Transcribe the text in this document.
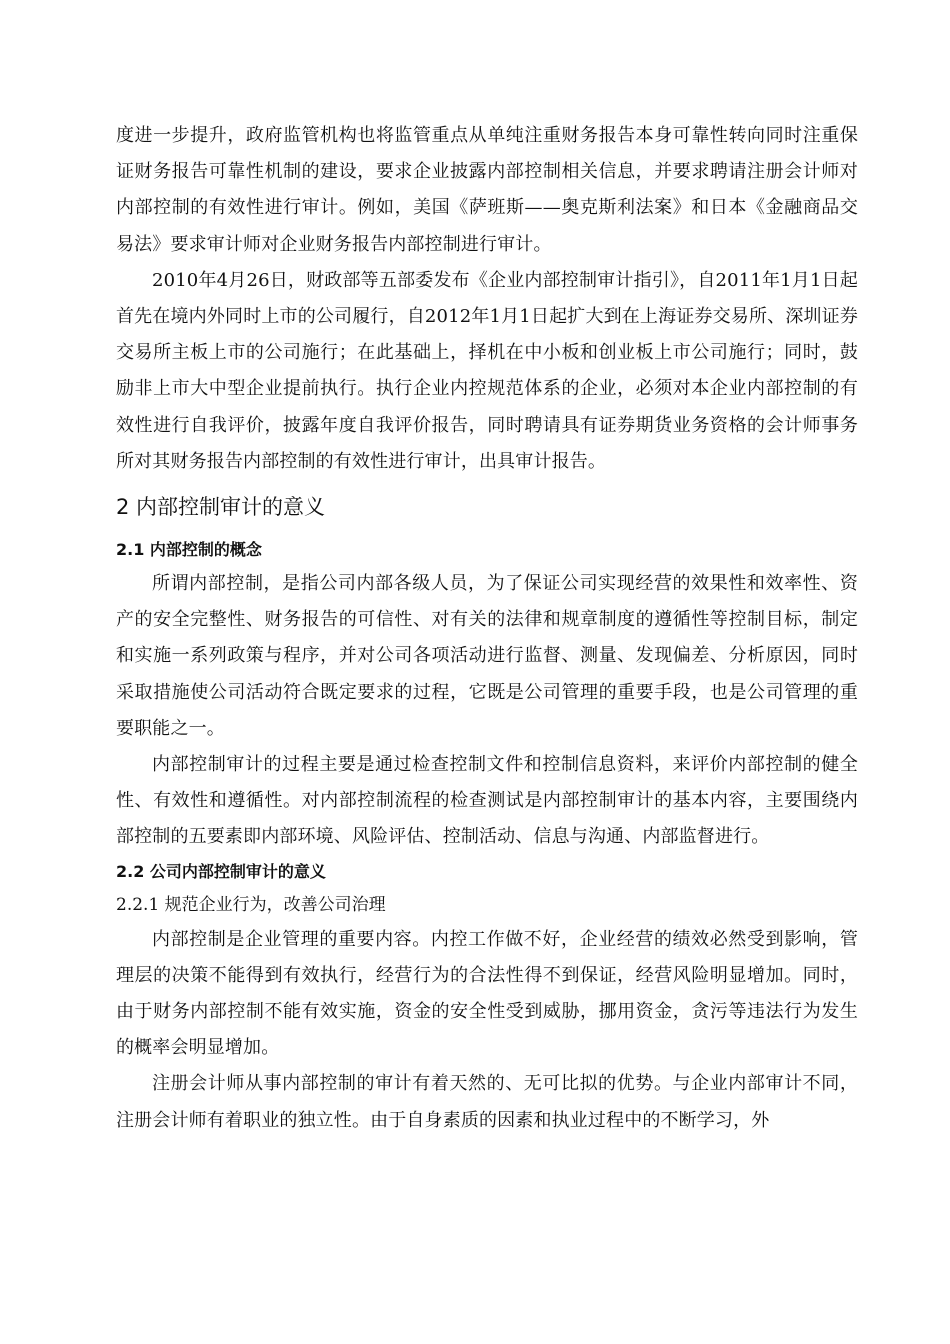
度进一步提升，政府监管机构也将监管重点从单纯注重财务报告本身可靠性转向同时注重保证财务报告可靠性机制的建设，要求企业披露内部控制相关信息，并要求聘请注册会计师对内部控制的有效性进行审计。例如，美国《萨班斯——奥克斯利法案》和日本《金融商品交易法》要求审计师对企业财务报告内部控制进行审计。

2010年4月26日，财政部等五部委发布《企业内部控制审计指引》，自2011年1月1日起首先在境内外同时上市的公司履行，自2012年1月1日起扩大到在上海证券交易所、深圳证券交易所主板上市的公司施行；在此基础上，择机在中小板和创业板上市公司施行；同时，鼓励非上市大中型企业提前执行。执行企业内控规范体系的企业，必须对本企业内部控制的有效性进行自我评价，披露年度自我评价报告，同时聘请具有证券期货业务资格的会计师事务所对其财务报告内部控制的有效性进行审计，出具审计报告。

2 内部控制审计的意义
2.1 内部控制的概念

所谓内部控制，是指公司内部各级人员，为了保证公司实现经营的效果性和效率性、资产的安全完整性、财务报告的可信性、对有关的法律和规章制度的遵循性等控制目标，制定和实施一系列政策与程序，并对公司各项活动进行监督、测量、发现偏差、分析原因，同时采取措施使公司活动符合既定要求的过程，它既是公司管理的重要手段，也是公司管理的重要职能之一。

内部控制审计的过程主要是通过检查控制文件和控制信息资料，来评价内部控制的健全性、有效性和遵循性。对内部控制流程的检查测试是内部控制审计的基本内容，主要围绕内部控制的五要素即内部环境、风险评估、控制活动、信息与沟通、内部监督进行。

2.2 公司内部控制审计的意义
2.2.1 规范企业行为，改善公司治理

内部控制是企业管理的重要内容。内控工作做不好，企业经营的绩效必然受到影响，管理层的决策不能得到有效执行，经营行为的合法性得不到保证，经营风险明显增加。同时，由于财务内部控制不能有效实施，资金的安全性受到威胁，挪用资金，贪污等违法行为发生的概率会明显增加。

注册会计师从事内部控制的审计有着天然的、无可比拟的优势。与企业内部审计不同，注册会计师有着职业的独立性。由于自身素质的因素和执业过程中的不断学习，外
